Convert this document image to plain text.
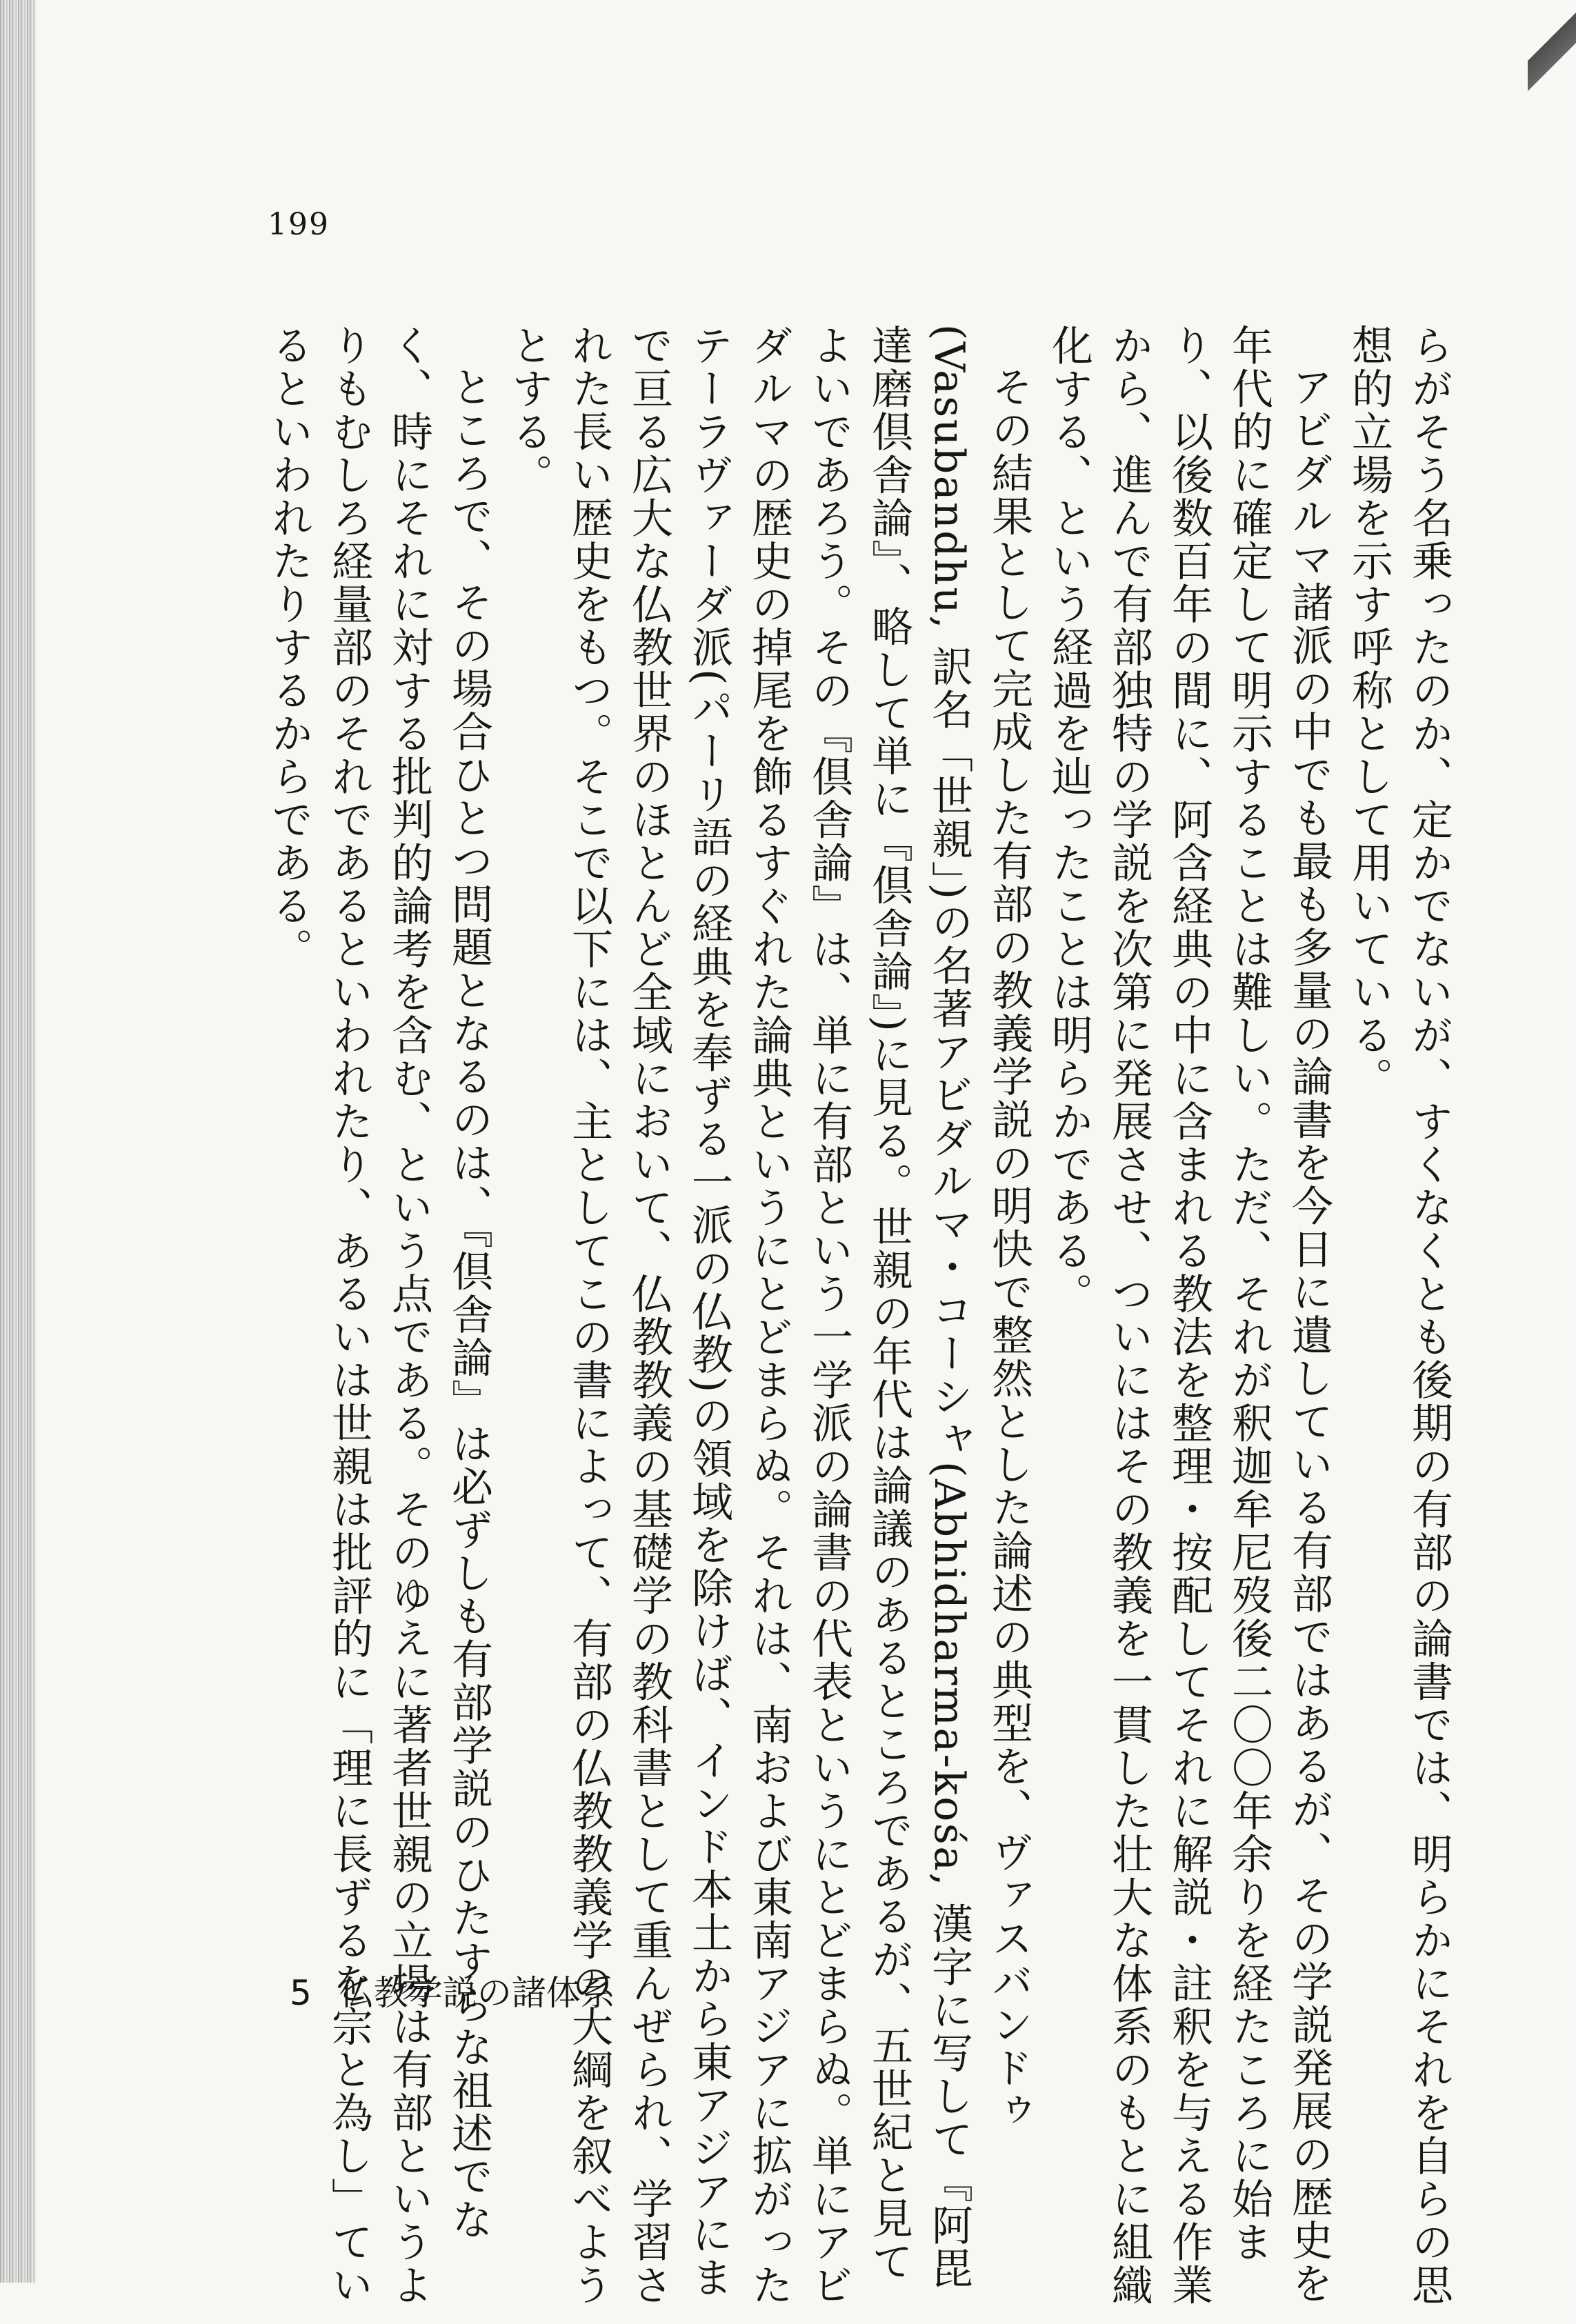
199

らがそう名乗ったのか、定かでないが、すくなくとも後期の有部の論書では、明らかにそれを自らの思想的立場を示す呼称として用いている。

アビダルマ諸派の中でも最も多量の論書を今日に遺している有部ではあるが、その学説発展の歴史を年代的に確定して明示することは難しい。ただ、それが釈迦牟尼歿後二〇〇年余りを経たころに始まり、以後数百年の間に、阿含経典の中に含まれる教法を整理・按配してそれに解説・註釈を与える作業から、進んで有部独特の学説を次第に発展させ、ついにはその教義を一貫した壮大な体系のもとに組織化する、という経過を辿ったことは明らかである。

その結果として完成した有部の教義学説の明快で整然とした論述の典型を、ヴァスバンドゥ(Vasubandhu, 訳名「世親」)の名著アビダルマ・コーシャ(Abhidharma-kośa, 漢字に写して『阿毘達磨倶舎論』、略して単に『倶舎論』)に見る。世親の年代は論議のあるところであるが、五世紀と見てよいであろう。その『倶舎論』は、単に有部という一学派の論書の代表というにとどまらぬ。単にアビダルマの歴史の掉尾を飾るすぐれた論典というにとどまらぬ。それは、南および東南アジアに拡がったテーラヴァーダ派(パーリ語の経典を奉ずる一派の仏教)の領域を除けば、インド本土から東アジアにまで亘る広大な仏教世界のほとんど全域において、仏教教義の基礎学の教科書として重んぜられ、学習された長い歴史をもつ。そこで以下には、主としてこの書によって、有部の仏教教義学の大綱を叙べようとする。

ところで、その場合ひとつ問題となるのは、『倶舎論』は必ずしも有部学説のひたすらな祖述でなく、時にそれに対する批判的論考を含む、という点である。そのゆえに著者世親の立場は有部というよりもむしろ経量部のそれであるといわれたり、あるいは世親は批評的に「理に長ずるを宗と為し」ているといわれたりするからである。

5 仏教学説の諸体系
